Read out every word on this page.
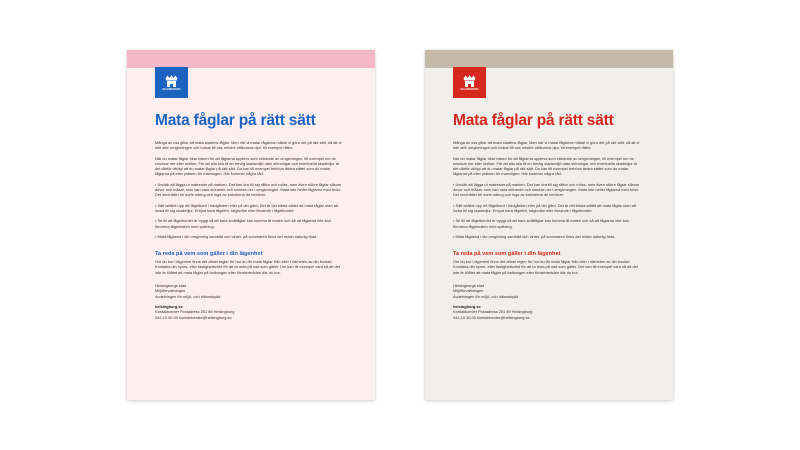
HELSINGBORG
Mata fåglar på rätt sätt
Många av oss gillar att mata stadens fåglar. Men när vi matar fåglarna måste vi göra det på rätt sätt, så att vi inte stör omgivningen och lockar till oss mindre välkomna djur, till exempel råttor.
När du matar fåglar ökar risken för att fåglarna upplevs som störande av omgivningen, till exempel om de smutsar ner eller skriker. För att alla ska få en trevlig stadsmiljö utan störningar och eventuella skadedjur är det därför viktigt att du matar fåglar på rätt sätt. Du kan till exempel behöva ändra sättet som du matar fåglarna på eller platsen för matningen. Här kommer några råd:
• Undvik att lägga ut matrester på marken. Det kan dra till sig råttor och möss, men även större fåglar såsom duvor och måsar, som kan vara störande och smutsa ner i omgivningen. Mata inte heller fåglarna med bröd. Det innehåller fel sorts näring och inga av kalorierna de behöver.
• Sätt istället upp ett fågelbord i trädgården eller på din gård. Det är det bästa sättet att mata fåglar utan att locka till sig skadedjur. Erbjud bara fågelfrö, talgbollar eller liknande i fågelbordet.
• Se till att fågelbordet är byggt så att bara småfåglar kan komma åt maten och så att fåglarna inte kan förorena fågelmaten med spillning.
• Mata fåglarna i din omgivning sambåd och vinter, på sommaren finns det redan naturlig föda.
Ta reda på vem som gäller i din lägenhet
Om du bor i lägenhet finns det oftast regler för hur du får mata fåglar från eller i närheten av din bostad. Kontakta din hyres- eller fastighetsvärd för att ta reda på vad som gäller. Det kan till exempel vara så att det inte är tillåtet att mata fåglar på balkongen eller fönsterbrädan där du bor.
Helsingborgs stad
Miljöförvaltningen
Avdelningen för miljö- och hälsoskydd
helsingborg.se
Kontaktcenter Postadress 251 89 Helsingborg
042-10 50 00 kontaktcenter@helsingborg.se
HELSINGBORG
Mata fåglar på rätt sätt
Många av oss gillar att mata stadens fåglar. Men när vi matar fåglarna måste vi göra det på rätt sätt, så att vi inte stör omgivningen och lockar till oss mindre välkomna djur, till exempel råttor.
När du matar fåglar ökar risken för att fåglarna upplevs som störande av omgivningen, till exempel om de smutsar ner eller skriker. För att alla ska få en trevlig stadsmiljö utan störningar och eventuella skadedjur är det därför viktigt att du matar fåglar på rätt sätt. Du kan till exempel behöva ändra sättet som du matar fåglarna på eller platsen för matningen. Här kommer några råd:
• Undvik att lägga ut matrester på marken. Det kan dra till sig råttor och möss, men även större fåglar såsom duvor och måsar, som kan vara störande och smutsa ner i omgivningen. Mata inte heller fåglarna med bröd. Det innehåller fel sorts näring och inga av kalorierna de behöver.
• Sätt istället upp ett fågelbord i trädgården eller på din gård. Det är det bästa sättet att mata fåglar utan att locka till sig skadedjur. Erbjud bara fågelfrö, talgbollar eller liknande i fågelbordet.
• Se till att fågelbordet är byggt så att bara småfåglar kan komma åt maten och så att fåglarna inte kan förorena fågelmaten med spillning.
• Mata fåglarna i din omgivning sambåd och vinter, på sommaren finns det redan naturlig föda.
Ta reda på vem som gäller i din lägenhet
Om du bor i lägenhet finns det oftast regler för hur du får mata fåglar från eller i närheten av din bostad. Kontakta din hyres- eller fastighetsvärd för att ta reda på vad som gäller. Det kan till exempel vara så att det inte är tillåtet att mata fåglar på balkongen eller fönsterbrädan där du bor.
Helsingborgs stad
Miljöförvaltningen
Avdelningen för miljö- och hälsoskydd
helsingborg.se
Kontaktcenter Postadress 251 89 Helsingborg
042-10 50 00 kontaktcenter@helsingborg.se
